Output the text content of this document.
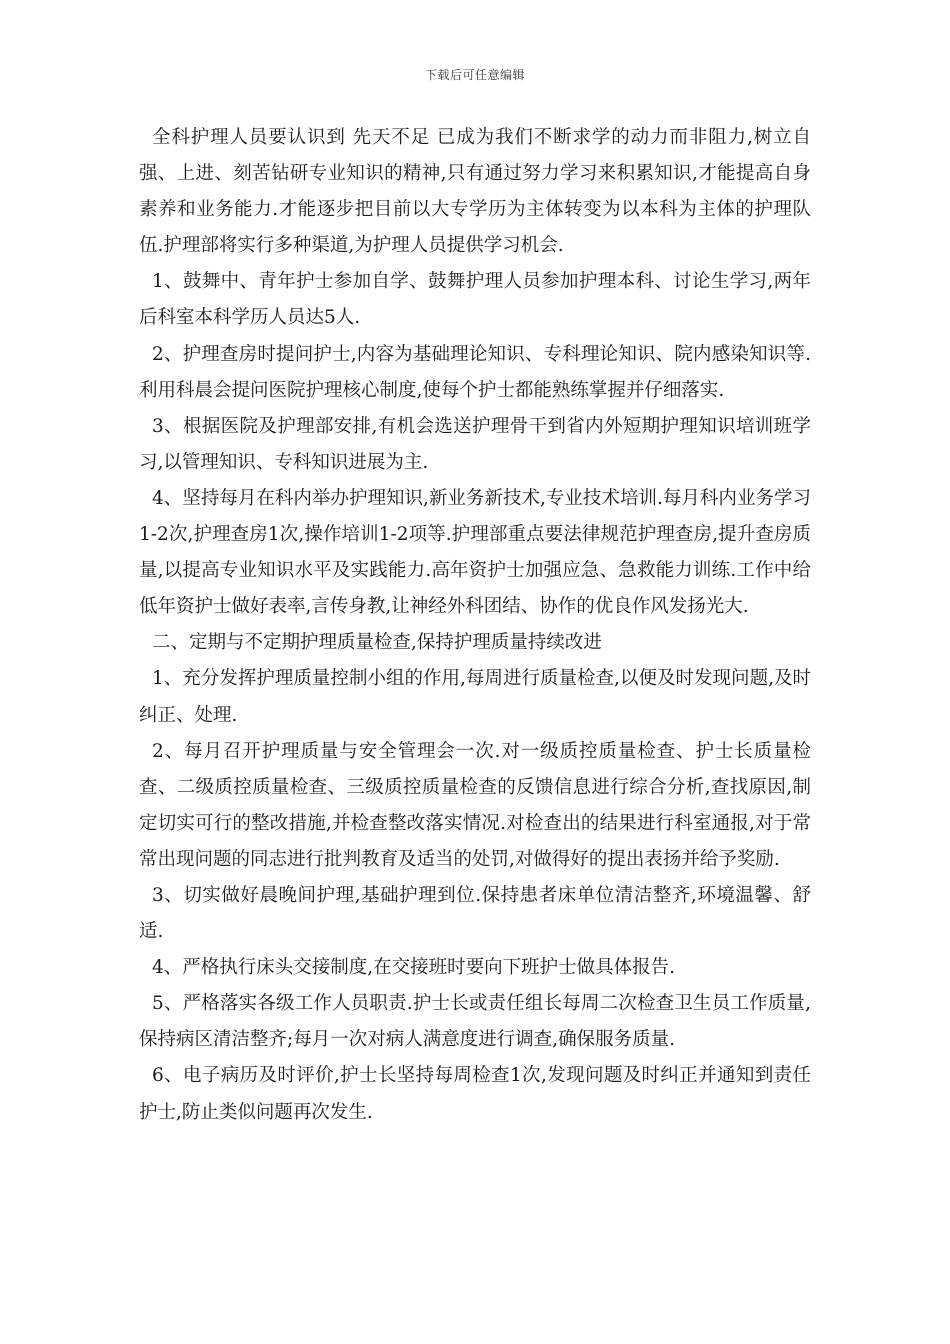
下载后可任意编辑

全科护理人员要认识到 先天不足 已成为我们不断求学的动力而非阻力,树立自强、上进、刻苦钻研专业知识的精神,只有通过努力学习来积累知识,才能提高自身素养和业务能力.才能逐步把目前以大专学历为主体转变为以本科为主体的护理队伍.护理部将实行多种渠道,为护理人员提供学习机会.

1、鼓舞中、青年护士参加自学、鼓舞护理人员参加护理本科、讨论生学习,两年后科室本科学历人员达5人.

2、护理查房时提问护士,内容为基础理论知识、专科理论知识、院内感染知识等.利用科晨会提问医院护理核心制度,使每个护士都能熟练掌握并仔细落实.

3、根据医院及护理部安排,有机会选送护理骨干到省内外短期护理知识培训班学习,以管理知识、专科知识进展为主.

4、坚持每月在科内举办护理知识,新业务新技术,专业技术培训.每月科内业务学习1-2次,护理查房1次,操作培训1-2项等.护理部重点要法律规范护理查房,提升查房质量,以提高专业知识水平及实践能力.高年资护士加强应急、急救能力训练.工作中给低年资护士做好表率,言传身教,让神经外科团结、协作的优良作风发扬光大.

二、定期与不定期护理质量检查,保持护理质量持续改进

1、充分发挥护理质量控制小组的作用,每周进行质量检查,以便及时发现问题,及时纠正、处理.

2、每月召开护理质量与安全管理会一次.对一级质控质量检查、护士长质量检查、二级质控质量检查、三级质控质量检查的反馈信息进行综合分析,查找原因,制定切实可行的整改措施,并检查整改落实情况.对检查出的结果进行科室通报,对于常常出现问题的同志进行批判教育及适当的处罚,对做得好的提出表扬并给予奖励.

3、切实做好晨晚间护理,基础护理到位.保持患者床单位清洁整齐,环境温馨、舒适.

4、严格执行床头交接制度,在交接班时要向下班护士做具体报告.

5、严格落实各级工作人员职责.护士长或责任组长每周二次检查卫生员工作质量,保持病区清洁整齐;每月一次对病人满意度进行调查,确保服务质量.

6、电子病历及时评价,护士长坚持每周检查1次,发现问题及时纠正并通知到责任护士,防止类似问题再次发生.
